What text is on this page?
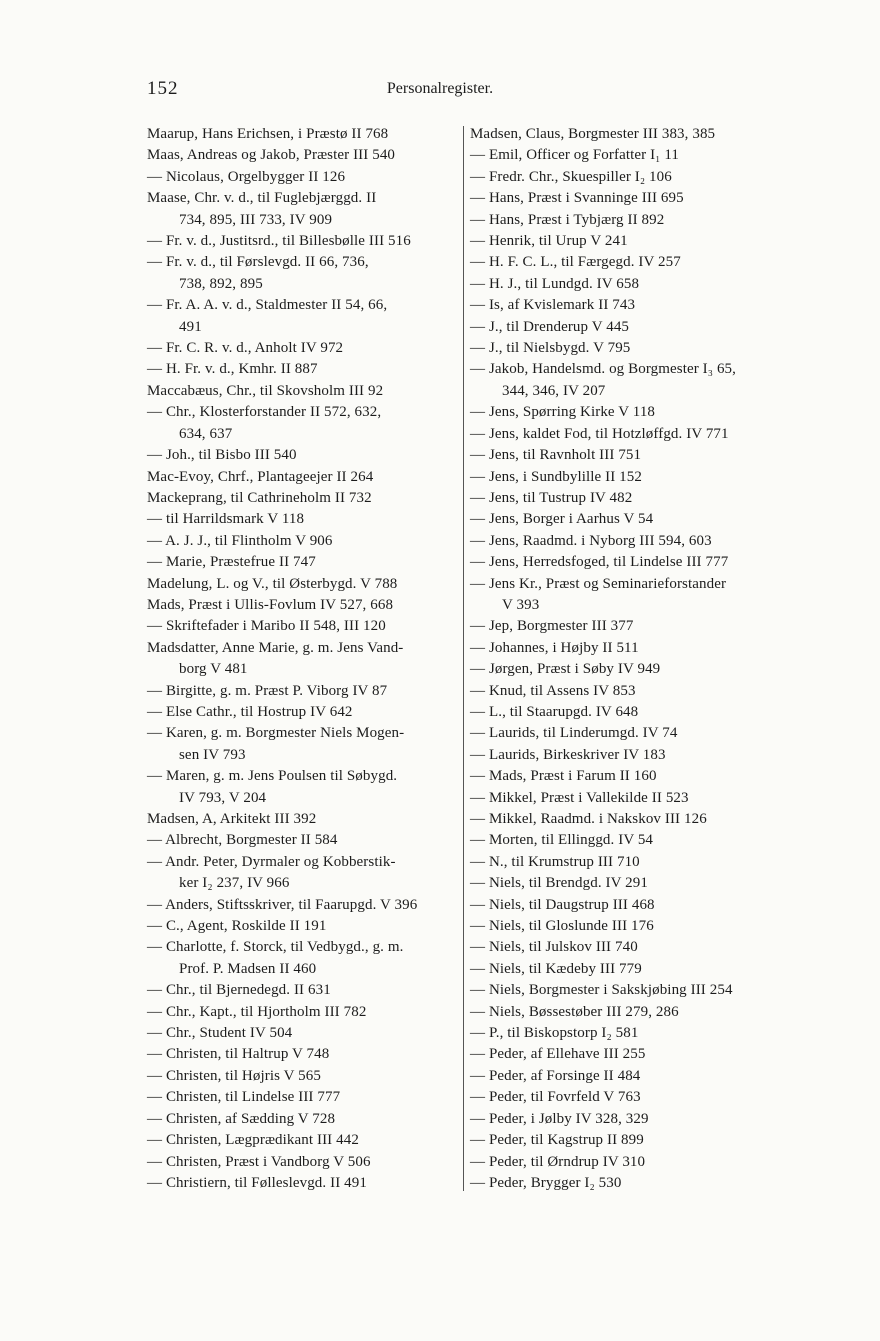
152	Personalregister.
Maarup, Hans Erichsen, i Præstø II 768
Maas, Andreas og Jakob, Præster III 540
— Nicolaus, Orgelbygger II 126
Maase, Chr. v. d., til Fuglebjærggd. II
734, 895, III 733, IV 909
— Fr. v. d., Justitsrd., til Billesbølle III 516
— Fr. v. d., til Førslevgd. II 66, 736,
738, 892, 895
— Fr. A. A. v. d., Staldmester II 54, 66,
491
— Fr. C. R. v. d., Anholt IV 972
— H. Fr. v. d., Kmhr. II 887
Maccabæus, Chr., til Skovsholm III 92
— Chr., Klosterforstander II 572, 632,
634, 637
— Joh., til Bisbo III 540
Mac-Evoy, Chrf., Plantageejer II 264
Mackeprang, til Cathrineholm II 732
— til Harrildsmark V 118
— A. J. J., til Flintholm V 906
— Marie, Præstefrue II 747
Madelung, L. og V., til Østerbygd. V 788
Mads, Præst i Ullis-Fovlum IV 527, 668
— Skriftefader i Maribo II 548, III 120
Madsdatter, Anne Marie, g. m. Jens Vand-
borg V 481
— Birgitte, g. m. Præst P. Viborg IV 87
— Else Cathr., til Hostrup IV 642
— Karen, g. m. Borgmester Niels Mogen-
sen IV 793
— Maren, g. m. Jens Poulsen til Søbygd.
IV 793, V 204
Madsen, A, Arkitekt III 392
— Albrecht, Borgmester II 584
— Andr. Peter, Dyrmaler og Kobberstik-
ker I₂ 237, IV 966
— Anders, Stiftsskriver, til Faarupgd. V 396
— C., Agent, Roskilde II 191
— Charlotte, f. Storck, til Vedbygd., g. m.
Prof. P. Madsen II 460
— Chr., til Bjernedegd. II 631
— Chr., Kapt., til Hjortholm III 782
— Chr., Student IV 504
— Christen, til Haltrup V 748
— Christen, til Højris V 565
— Christen, til Lindelse III 777
— Christen, af Sædding V 728
— Christen, Lægprædikant III 442
— Christen, Præst i Vandborg V 506
— Christiern, til Følleslevgd. II 491
Madsen, Claus, Borgmester III 383, 385
— Emil, Officer og Forfatter I₁ 11
— Fredr. Chr., Skuespiller I₂ 106
— Hans, Præst i Svanninge III 695
— Hans, Præst i Tybjærg II 892
— Henrik, til Urup V 241
— H. F. C. L., til Færgegd. IV 257
— H. J., til Lundgd. IV 658
— Is, af Kvislemark II 743
— J., til Drenderup V 445
— J., til Nielsbygd. V 795
— Jakob, Handelsmd. og Borgmester I₃ 65,
344, 346, IV 207
— Jens, Spørring Kirke V 118
— Jens, kaldet Fod, til Hotzløffgd. IV 771
— Jens, til Ravnholt III 751
— Jens, i Sundbylille II 152
— Jens, til Tustrup IV 482
— Jens, Borger i Aarhus V 54
— Jens, Raadmd. i Nyborg III 594, 603
— Jens, Herredsfoged, til Lindelse III 777
— Jens Kr., Præst og Seminarieforstander
V 393
— Jep, Borgmester III 377
— Johannes, i Højby II 511
— Jørgen, Præst i Søby IV 949
— Knud, til Assens IV 853
— L., til Staarupgd. IV 648
— Laurids, til Linderumgd. IV 74
— Laurids, Birkeskriver IV 183
— Mads, Præst i Farum II 160
— Mikkel, Præst i Vallekilde II 523
— Mikkel, Raadmd. i Nakskov III 126
— Morten, til Ellinggd. IV 54
— N., til Krumstrup III 710
— Niels, til Brendgd. IV 291
— Niels, til Daugstrup III 468
— Niels, til Gloslunde III 176
— Niels, til Julskov III 740
— Niels, til Kædeby III 779
— Niels, Borgmester i Sakskjøbing III 254
— Niels, Bøssestøber III 279, 286
— P., til Biskopstorp I₂ 581
— Peder, af Ellehave III 255
— Peder, af Forsinge II 484
— Peder, til Fovrfeld V 763
— Peder, i Jølby IV 328, 329
— Peder, til Kagstrup II 899
— Peder, til Ørndrup IV 310
— Peder, Brygger I₂ 530
